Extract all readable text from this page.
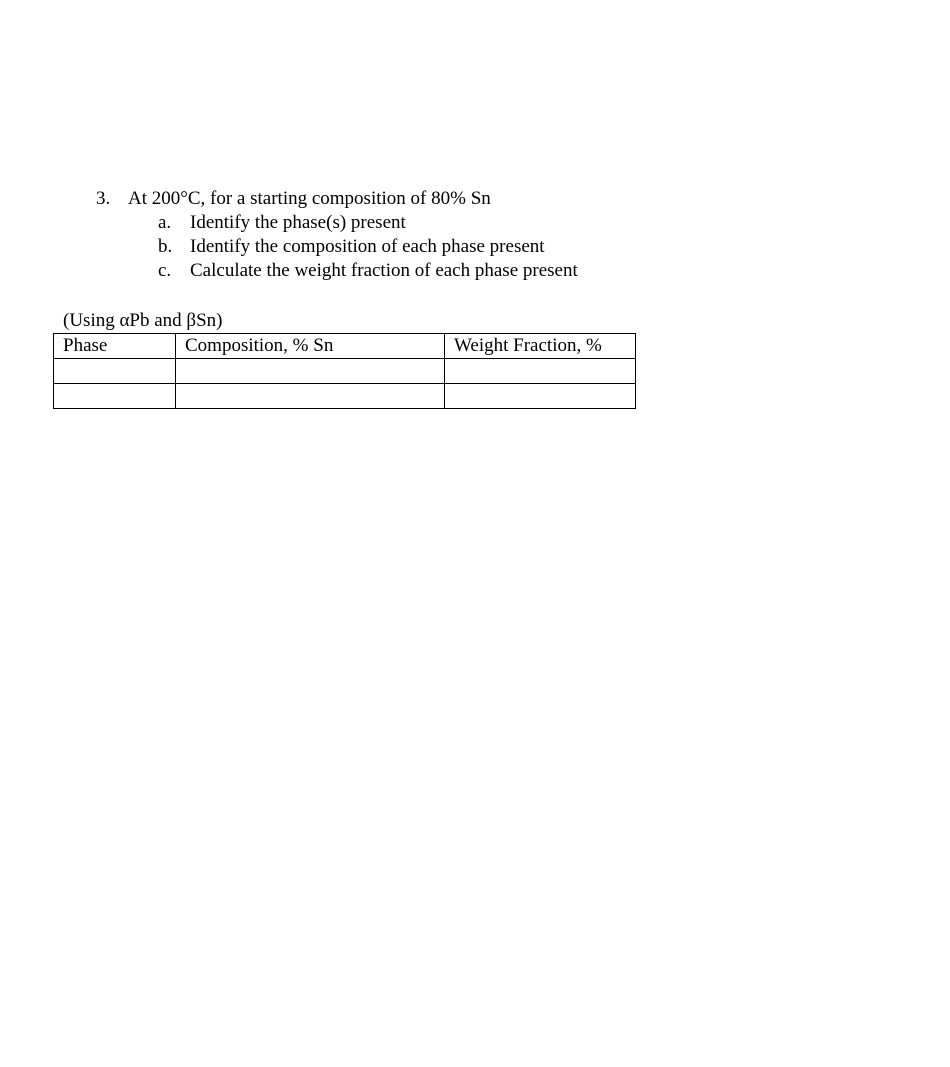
3. At 200°C, for a starting composition of 80% Sn
a. Identify the phase(s) present
b. Identify the composition of each phase present
c. Calculate the weight fraction of each phase present
(Using αPb and βSn)
Phase	Composition, % Sn	Weight Fraction, %
